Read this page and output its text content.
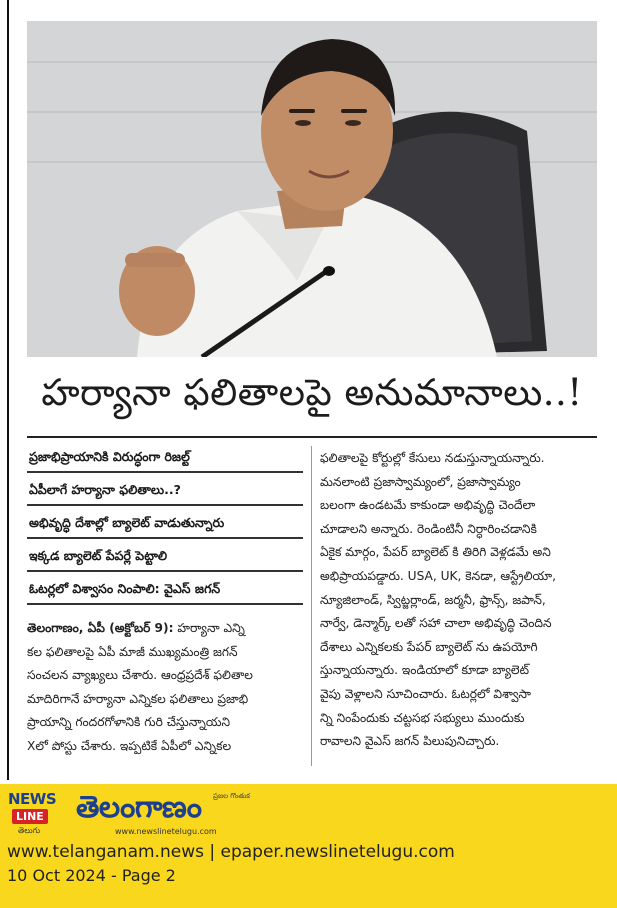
హర్యానా ఫలితాలపై అనుమానాలు..!
ప్రజాభిప్రాయానికి విరుద్ధంగా రిజల్ట్
ఏపీలాగే హర్యానా ఫలితాలు..?
అభివృద్ధి దేశాల్లో బ్యాలెట్ వాడుతున్నారు
ఇక్కడ బ్యాలెట్ పేపర్లే పెట్టాలి
ఓటర్లలో విశ్వాసం నింపాలి: వైఎస్ జగన్
తెలంగాణం, ఏపీ (అక్టోబర్ 9): హర్యానా ఎన్ని
కల ఫలితాలపై ఏపీ మాజీ ముఖ్యమంత్రి జగన్
సంచలన వ్యాఖ్యలు చేశారు. ఆంధ్రప్రదేశ్ ఫలితాల
మాదిరిగానే హర్యానా ఎన్నికల ఫలితాలు ప్రజాభి
ప్రాయాన్ని గందరగోళానికి గురి చేస్తున్నాయని
Xలో పోస్టు చేశారు. ఇప్పటికే ఏపీలో ఎన్నికల
ఫలితాలపై కోర్టుల్లో కేసులు నడుస్తున్నాయన్నారు.
మనలాంటి ప్రజాస్వామ్యంలో, ప్రజాస్వామ్యం
బలంగా ఉండటమే కాకుండా అభివృద్ధి చెందేలా
చూడాలని అన్నారు. రెండింటినీ నిర్ధారించడానికి
ఏకైక మార్గం, పేపర్ బ్యాలెట్ కి తిరిగి వెళ్లడమే అని
అభిప్రాయపడ్డారు. USA, UK, కెనడా, ఆస్ట్రేలియా,
న్యూజిలాండ్, స్విట్జర్లాండ్, జర్మనీ, ఫ్రాన్స్, జపాన్,
నార్వే, డెన్మార్క్ లతో సహా చాలా అభివృద్ధి చెందిన
దేశాలు ఎన్నికలకు పేపర్ బ్యాలెట్ ను ఉపయోగి
స్తున్నాయన్నారు. ఇండియాలో కూడా బ్యాలెట్
వైపు వెళ్లాలని సూచించారు. ఓటర్లలో విశ్వాసా
న్ని నింపేందుకు చట్టసభ సభ్యులు ముందుకు
రావాలని వైఎస్ జగన్ పిలుపునిచ్చారు.
NEWS
LINE
తెలుగు
తెలంగాణం ప్రజల గొంతుక
www.newslinetelugu.com
www.telanganam.news | epaper.newslinetelugu.com
10 Oct 2024 - Page 2
